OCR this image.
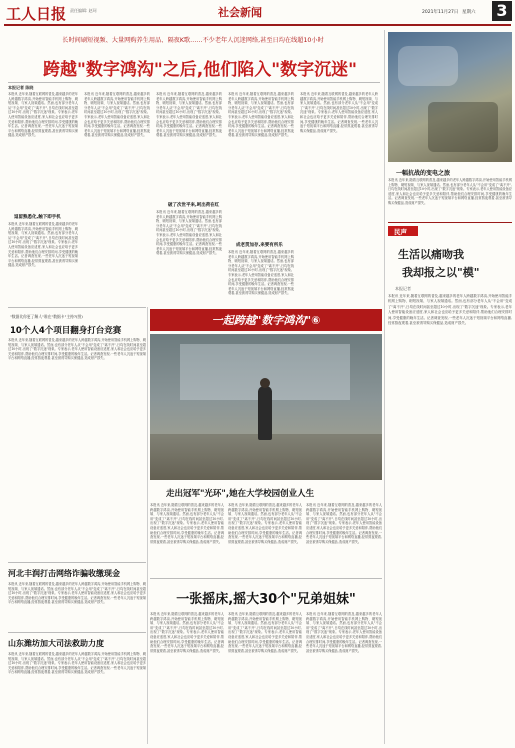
工人日报 责任编辑: 赵珂	社会新闻	2021年11月27日 星期六 3
长时间刷短视频、大量网购养生用品、隔夜K歌……不少老年人沉迷网络,甚至日均在线超10小时
跨越"数字鸿沟"之后,他们陷入"数字沉迷"
本报记者 陈晓
本报讯 近年来,随着互联网的普及,越来越多的老年人跨越数字鸿沟,开始使用智能手机网上购物、刷短视频、与家人视频通话。然而,也有部分老年人从"不会用"变成了"离不开",日均在线时间甚至超过10小时,出现了"数字沉迷"现象。专家表示,老年人使用智能设备应适度,家人和社会也应给予更多关爱和陪伴,帮助他们合理安排时间,享受健康的晚年生活。记者调查发现,一些老年人沉迷于短视频平台和网络直播,经常熬夜观看,甚至被诱导购买保健品,造成财产损失。
逗留熟悉化,触下即手机
本报讯 近年来,随着互联网的普及,越来越多的老年人跨越数字鸿沟,开始使用智能手机网上购物、刷短视频、与家人视频通话。然而,也有部分老年人从"不会用"变成了"离不开",日均在线时间甚至超过10小时,出现了"数字沉迷"现象。专家表示,老年人使用智能设备应适度,家人和社会也应给予更多关爱和陪伴,帮助他们合理安排时间,享受健康的晚年生活。记者调查发现,一些老年人沉迷于短视频平台和网络直播,经常熬夜观看,甚至被诱导购买保健品,造成财产损失。
本报讯 近年来,随着互联网的普及,越来越多的老年人跨越数字鸿沟,开始使用智能手机网上购物、刷短视频、与家人视频通话。然而,也有部分老年人从"不会用"变成了"离不开",日均在线时间甚至超过10小时,出现了"数字沉迷"现象。专家表示,老年人使用智能设备应适度,家人和社会也应给予更多关爱和陪伴,帮助他们合理安排时间,享受健康的晚年生活。记者调查发现,一些老年人沉迷于短视频平台和网络直播,经常熬夜观看,甚至被诱导购买保健品,造成财产损失。
本报讯 近年来,随着互联网的普及,越来越多的老年人跨越数字鸿沟,开始使用智能手机网上购物、刷短视频、与家人视频通话。然而,也有部分老年人从"不会用"变成了"离不开",日均在线时间甚至超过10小时,出现了"数字沉迷"现象。专家表示,老年人使用智能设备应适度,家人和社会也应给予更多关爱和陪伴,帮助他们合理安排时间,享受健康的晚年生活。记者调查发现,一些老年人沉迷于短视频平台和网络直播,经常熬夜观看,甚至被诱导购买保健品,造成财产损失。
破了次世平来,呵出荷在红
本报讯 近年来,随着互联网的普及,越来越多的老年人跨越数字鸿沟,开始使用智能手机网上购物、刷短视频、与家人视频通话。然而,也有部分老年人从"不会用"变成了"离不开",日均在线时间甚至超过10小时,出现了"数字沉迷"现象。专家表示,老年人使用智能设备应适度,家人和社会也应给予更多关爱和陪伴,帮助他们合理安排时间,享受健康的晚年生活。记者调查发现,一些老年人沉迷于短视频平台和网络直播,经常熬夜观看,甚至被诱导购买保健品,造成财产损失。
本报讯 近年来,随着互联网的普及,越来越多的老年人跨越数字鸿沟,开始使用智能手机网上购物、刷短视频、与家人视频通话。然而,也有部分老年人从"不会用"变成了"离不开",日均在线时间甚至超过10小时,出现了"数字沉迷"现象。专家表示,老年人使用智能设备应适度,家人和社会也应给予更多关爱和陪伴,帮助他们合理安排时间,享受健康的晚年生活。记者调查发现,一些老年人沉迷于短视频平台和网络直播,经常熬夜观看,甚至被诱导购买保健品,造成财产损失。
成老贯加存,来要有所乐
本报讯 近年来,随着互联网的普及,越来越多的老年人跨越数字鸿沟,开始使用智能手机网上购物、刷短视频、与家人视频通话。然而,也有部分老年人从"不会用"变成了"离不开",日均在线时间甚至超过10小时,出现了"数字沉迷"现象。专家表示,老年人使用智能设备应适度,家人和社会也应给予更多关爱和陪伴,帮助他们合理安排时间,享受健康的晚年生活。记者调查发现,一些老年人沉迷于短视频平台和网络直播,经常熬夜观看,甚至被诱导购买保健品,造成财产损失。
本报讯 近年来,随着互联网的普及,越来越多的老年人跨越数字鸿沟,开始使用智能手机网上购物、刷短视频、与家人视频通话。然而,也有部分老年人从"不会用"变成了"离不开",日均在线时间甚至超过10小时,出现了"数字沉迷"现象。专家表示,老年人使用智能设备应适度,家人和社会也应给予更多关爱和陪伴,帮助他们合理安排时间,享受健康的晚年生活。记者调查发现,一些老年人沉迷于短视频平台和网络直播,经常熬夜观看,甚至被诱导购买保健品,造成财产损失。
一幅抗战的变电之旅
本报讯 近年来,随着互联网的普及,越来越多的老年人跨越数字鸿沟,开始使用智能手机网上购物、刷短视频、与家人视频通话。然而,也有部分老年人从"不会用"变成了"离不开",日均在线时间甚至超过10小时,出现了"数字沉迷"现象。专家表示,老年人使用智能设备应适度,家人和社会也应给予更多关爱和陪伴,帮助他们合理安排时间,享受健康的晚年生活。记者调查发现,一些老年人沉迷于短视频平台和网络直播,经常熬夜观看,甚至被诱导购买保健品,造成财产损失。
民声
生活以痛吻我
我却报之以"模"
本报记者
本报讯 近年来,随着互联网的普及,越来越多的老年人跨越数字鸿沟,开始使用智能手机网上购物、刷短视频、与家人视频通话。然而,也有部分老年人从"不会用"变成了"离不开",日均在线时间甚至超过10小时,出现了"数字沉迷"现象。专家表示,老年人使用智能设备应适度,家人和社会也应给予更多关爱和陪伴,帮助他们合理安排时间,享受健康的晚年生活。记者调查发现,一些老年人沉迷于短视频平台和网络直播,经常熬夜观看,甚至被诱导购买保健品,造成财产损失。
一起跨越"数字鸿沟"⑥
"数据比你更了解人"谁在"数据卡"主持?(图)
10个人4个项目翻身打台竞赛
本报讯 近年来,随着互联网的普及,越来越多的老年人跨越数字鸿沟,开始使用智能手机网上购物、刷短视频、与家人视频通话。然而,也有部分老年人从"不会用"变成了"离不开",日均在线时间甚至超过10小时,出现了"数字沉迷"现象。专家表示,老年人使用智能设备应适度,家人和社会也应给予更多关爱和陪伴,帮助他们合理安排时间,享受健康的晚年生活。记者调查发现,一些老年人沉迷于短视频平台和网络直播,经常熬夜观看,甚至被诱导购买保健品,造成财产损失。
河北丰润打击网络诈骗收缴现金
本报讯 近年来,随着互联网的普及,越来越多的老年人跨越数字鸿沟,开始使用智能手机网上购物、刷短视频、与家人视频通话。然而,也有部分老年人从"不会用"变成了"离不开",日均在线时间甚至超过10小时,出现了"数字沉迷"现象。专家表示,老年人使用智能设备应适度,家人和社会也应给予更多关爱和陪伴,帮助他们合理安排时间,享受健康的晚年生活。记者调查发现,一些老年人沉迷于短视频平台和网络直播,经常熬夜观看,甚至被诱导购买保健品,造成财产损失。
山东潍坊加大司法救助力度
本报讯 近年来,随着互联网的普及,越来越多的老年人跨越数字鸿沟,开始使用智能手机网上购物、刷短视频、与家人视频通话。然而,也有部分老年人从"不会用"变成了"离不开",日均在线时间甚至超过10小时,出现了"数字沉迷"现象。专家表示,老年人使用智能设备应适度,家人和社会也应给予更多关爱和陪伴,帮助他们合理安排时间,享受健康的晚年生活。记者调查发现,一些老年人沉迷于短视频平台和网络直播,经常熬夜观看,甚至被诱导购买保健品,造成财产损失。
走出冠军"光环",她在大学校园创业人生
本报讯 近年来,随着互联网的普及,越来越多的老年人跨越数字鸿沟,开始使用智能手机网上购物、刷短视频、与家人视频通话。然而,也有部分老年人从"不会用"变成了"离不开",日均在线时间甚至超过10小时,出现了"数字沉迷"现象。专家表示,老年人使用智能设备应适度,家人和社会也应给予更多关爱和陪伴,帮助他们合理安排时间,享受健康的晚年生活。记者调查发现,一些老年人沉迷于短视频平台和网络直播,经常熬夜观看,甚至被诱导购买保健品,造成财产损失。
本报讯 近年来,随着互联网的普及,越来越多的老年人跨越数字鸿沟,开始使用智能手机网上购物、刷短视频、与家人视频通话。然而,也有部分老年人从"不会用"变成了"离不开",日均在线时间甚至超过10小时,出现了"数字沉迷"现象。专家表示,老年人使用智能设备应适度,家人和社会也应给予更多关爱和陪伴,帮助他们合理安排时间,享受健康的晚年生活。记者调查发现,一些老年人沉迷于短视频平台和网络直播,经常熬夜观看,甚至被诱导购买保健品,造成财产损失。
本报讯 近年来,随着互联网的普及,越来越多的老年人跨越数字鸿沟,开始使用智能手机网上购物、刷短视频、与家人视频通话。然而,也有部分老年人从"不会用"变成了"离不开",日均在线时间甚至超过10小时,出现了"数字沉迷"现象。专家表示,老年人使用智能设备应适度,家人和社会也应给予更多关爱和陪伴,帮助他们合理安排时间,享受健康的晚年生活。记者调查发现,一些老年人沉迷于短视频平台和网络直播,经常熬夜观看,甚至被诱导购买保健品,造成财产损失。
一张摇床,摇大30个"兄弟姐妹"
本报讯 近年来,随着互联网的普及,越来越多的老年人跨越数字鸿沟,开始使用智能手机网上购物、刷短视频、与家人视频通话。然而,也有部分老年人从"不会用"变成了"离不开",日均在线时间甚至超过10小时,出现了"数字沉迷"现象。专家表示,老年人使用智能设备应适度,家人和社会也应给予更多关爱和陪伴,帮助他们合理安排时间,享受健康的晚年生活。记者调查发现,一些老年人沉迷于短视频平台和网络直播,经常熬夜观看,甚至被诱导购买保健品,造成财产损失。
本报讯 近年来,随着互联网的普及,越来越多的老年人跨越数字鸿沟,开始使用智能手机网上购物、刷短视频、与家人视频通话。然而,也有部分老年人从"不会用"变成了"离不开",日均在线时间甚至超过10小时,出现了"数字沉迷"现象。专家表示,老年人使用智能设备应适度,家人和社会也应给予更多关爱和陪伴,帮助他们合理安排时间,享受健康的晚年生活。记者调查发现,一些老年人沉迷于短视频平台和网络直播,经常熬夜观看,甚至被诱导购买保健品,造成财产损失。
本报讯 近年来,随着互联网的普及,越来越多的老年人跨越数字鸿沟,开始使用智能手机网上购物、刷短视频、与家人视频通话。然而,也有部分老年人从"不会用"变成了"离不开",日均在线时间甚至超过10小时,出现了"数字沉迷"现象。专家表示,老年人使用智能设备应适度,家人和社会也应给予更多关爱和陪伴,帮助他们合理安排时间,享受健康的晚年生活。记者调查发现,一些老年人沉迷于短视频平台和网络直播,经常熬夜观看,甚至被诱导购买保健品,造成财产损失。
